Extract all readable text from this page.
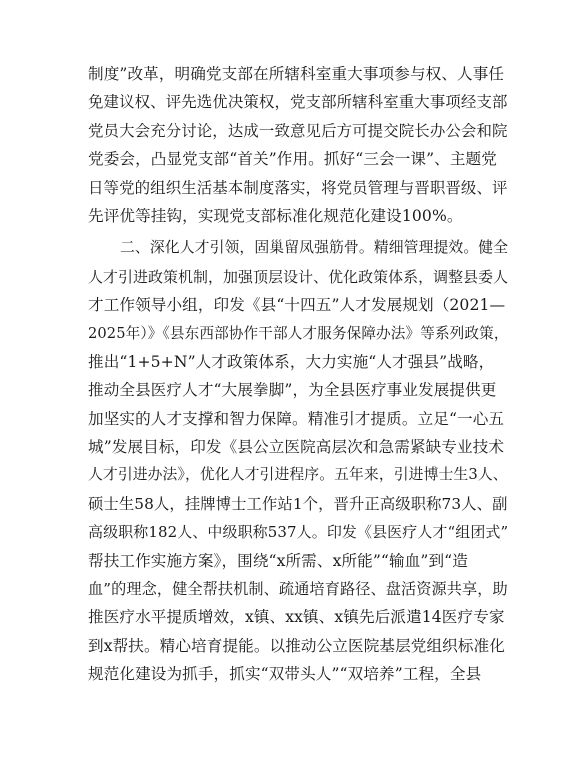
制度”改革，明确党支部在所辖科室重大事项参与权、人事任
免建议权、评先选优决策权，党支部所辖科室重大事项经支部
党员大会充分讨论，达成一致意见后方可提交院长办公会和院
党委会，凸显党支部“首关”作用。抓好“三会一课”、主题党
日等党的组织生活基本制度落实，将党员管理与晋职晋级、评
先评优等挂钩，实现党支部标准化规范化建设100%。
二、深化人才引领，固巢留凤强筋骨。精细管理提效。健全
人才引进政策机制，加强顶层设计、优化政策体系，调整县委人
才工作领导小组，印发《县“十四五”人才发展规划（2021—
2025年）》《县东西部协作干部人才服务保障办法》等系列政策，
推出“1+5+N”人才政策体系，大力实施“人才强县”战略，
推动全县医疗人才“大展拳脚”，为全县医疗事业发展提供更
加坚实的人才支撑和智力保障。精准引才提质。立足“一心五
城”发展目标，印发《县公立医院高层次和急需紧缺专业技术
人才引进办法》，优化人才引进程序。五年来，引进博士生3人、
硕士生58人，挂牌博士工作站1个，晋升正高级职称73人、副
高级职称182人、中级职称537人。印发《县医疗人才“组团式”
帮扶工作实施方案》，围绕“x所需、x所能”“输血”到“造
血”的理念，健全帮扶机制、疏通培育路径、盘活资源共享，助
推医疗水平提质增效，x镇、xx镇、x镇先后派遣14医疗专家
到x帮扶。精心培育提能。以推动公立医院基层党组织标准化
规范化建设为抓手，抓实“双带头人”“双培养”工程，全县
